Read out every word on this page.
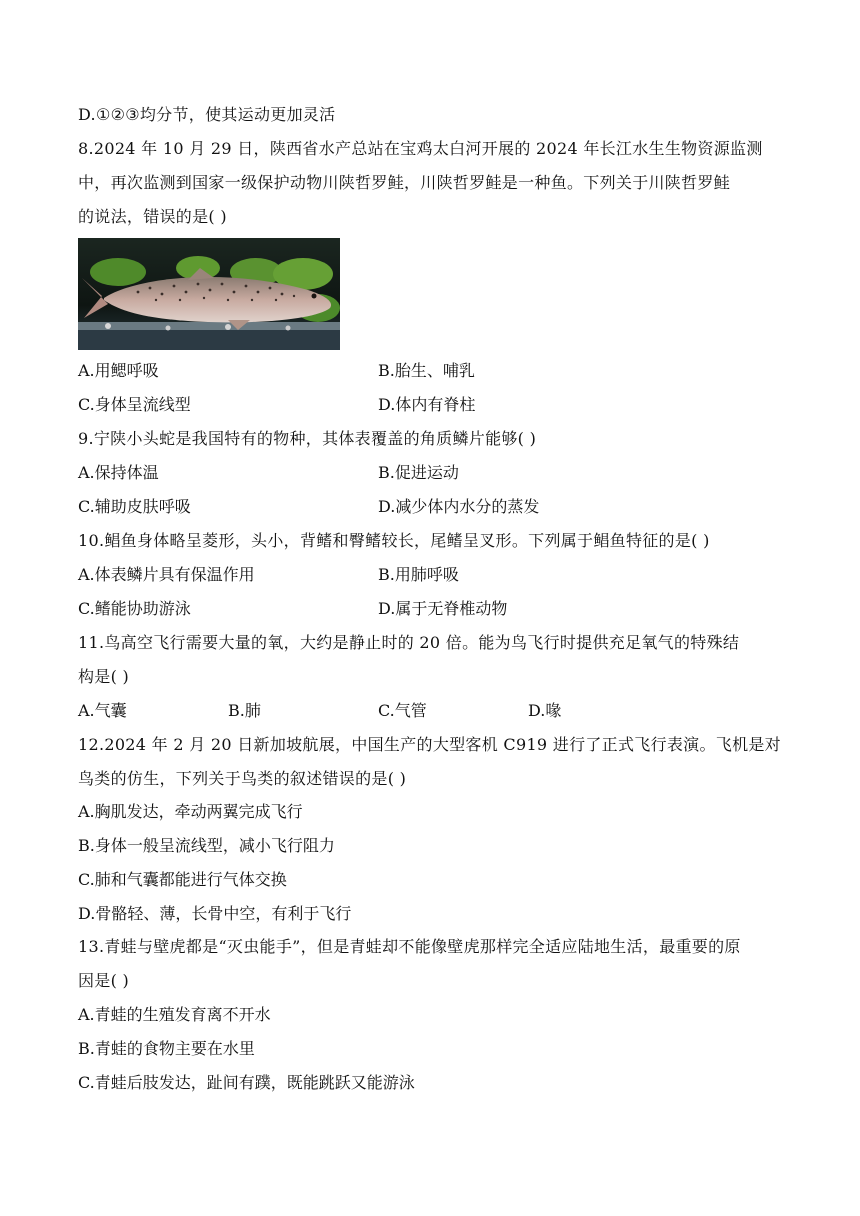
D.①②③均分节，使其运动更加灵活
8.2024 年 10 月 29 日，陕西省水产总站在宝鸡太白河开展的 2024 年长江水生生物资源监测
中，再次监测到国家一级保护动物川陕哲罗鲑，川陕哲罗鲑是一种鱼。下列关于川陕哲罗鲑
的说法，错误的是( )
A.用鳃呼吸	B.胎生、哺乳
C.身体呈流线型	D.体内有脊柱
9.宁陕小头蛇是我国特有的物种，其体表覆盖的角质鳞片能够( )
A.保持体温	B.促进运动
C.辅助皮肤呼吸	D.减少体内水分的蒸发
10.鲳鱼身体略呈菱形，头小，背鳍和臀鳍较长，尾鳍呈叉形。下列属于鲳鱼特征的是( )
A.体表鳞片具有保温作用	B.用肺呼吸
C.鳍能协助游泳	D.属于无脊椎动物
11.鸟高空飞行需要大量的氧，大约是静止时的 20 倍。能为鸟飞行时提供充足氧气的特殊结
构是( )
A.气囊	B.肺	C.气管	D.喙
12.2024 年 2 月 20 日新加坡航展，中国生产的大型客机 C919 进行了正式飞行表演。飞机是对
鸟类的仿生，下列关于鸟类的叙述错误的是( )
A.胸肌发达，牵动两翼完成飞行
B.身体一般呈流线型，减小飞行阻力
C.肺和气囊都能进行气体交换
D.骨骼轻、薄，长骨中空，有利于飞行
13.青蛙与壁虎都是“灭虫能手”，但是青蛙却不能像壁虎那样完全适应陆地生活，最重要的原
因是( )
A.青蛙的生殖发育离不开水
B.青蛙的食物主要在水里
C.青蛙后肢发达，趾间有蹼，既能跳跃又能游泳
